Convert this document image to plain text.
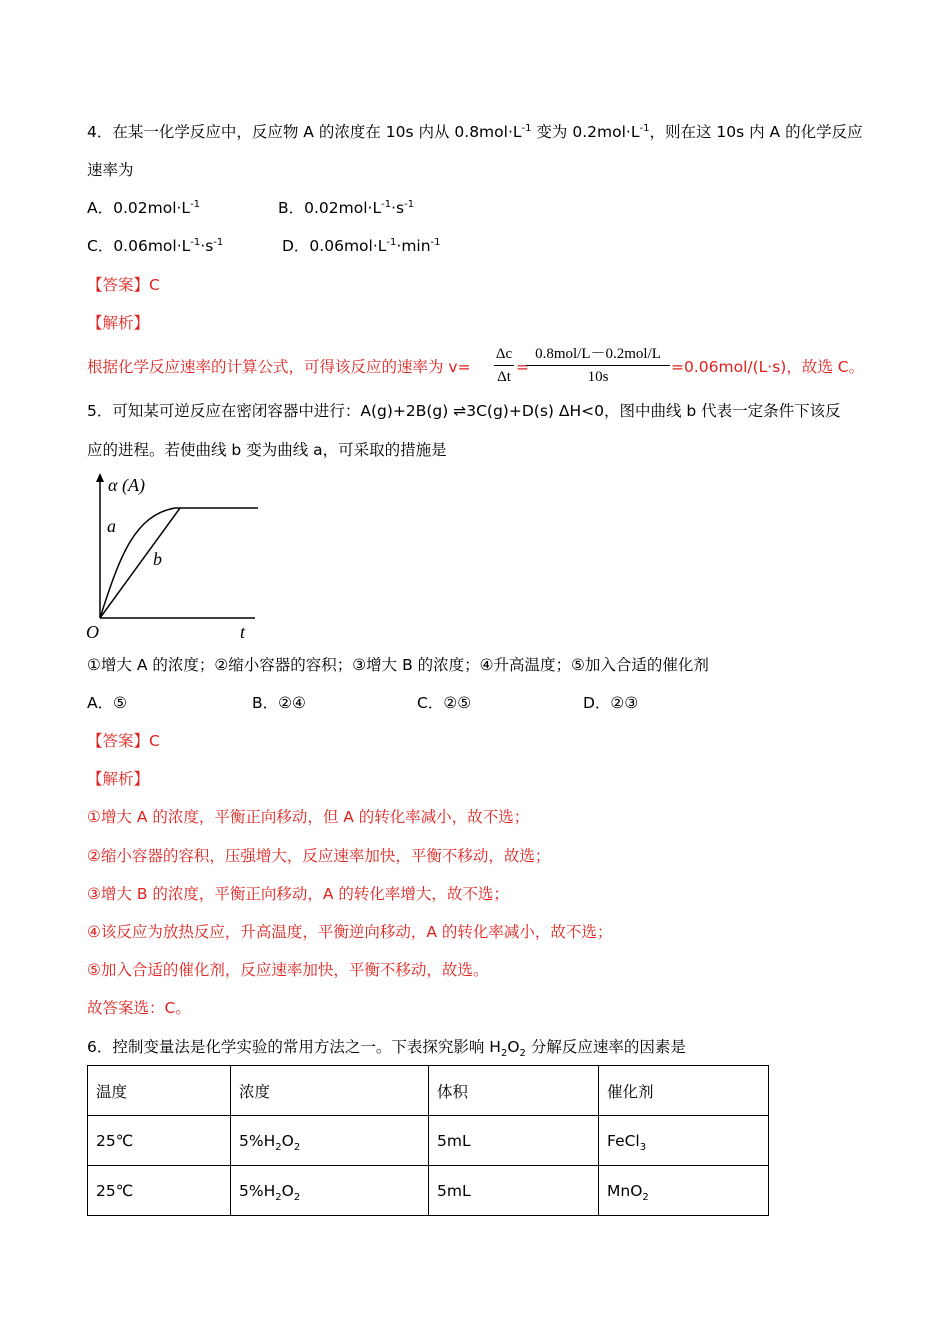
4．在某一化学反应中，反应物 A 的浓度在 10s 内从 $0.8mol\cdot L^{-1}$ 变为 $0.2mol\cdot L^{-1}$，则在这 10s 内 A 的化学反应
速率为
A．$0.02mol\cdot L^{-1}$	B．$0.02mol\cdot L^{-1}\cdot s^{-1}$
C．$0.06mol\cdot L^{-1}\cdot s^{-1}$	D．$0.06mol\cdot L^{-1}\cdot\min^{-1}$
【答案】C
【解析】
根据化学反应速率的计算公式，可得该反应的速率为 v=
Δc
Δt
=
0.8mol/L－0.2mol/L
10s
=0.06mol/(L·s)，故选 C。
5．可知某可逆反应在密闭容器中进行：A(g)+2B(g) ⇌3C(g)+D(s) ΔH<0，图中曲线 b 代表一定条件下该反
应的进程。若使曲线 b 变为曲线 a，可采取的措施是
α (A)
a
b
O	t
①增大 A 的浓度；②缩小容器的容积；③增大 B 的浓度；④升高温度；⑤加入合适的催化剂
A．⑤	B．②④	C．②⑤	D．②③
【答案】C
【解析】
①增大 A 的浓度，平衡正向移动，但 A 的转化率减小，故不选；
②缩小容器的容积，压强增大，反应速率加快，平衡不移动，故选；
③增大 B 的浓度，平衡正向移动，A 的转化率增大，故不选；
④该反应为放热反应，升高温度，平衡逆向移动，A 的转化率减小，故不选；
⑤加入合适的催化剂，反应速率加快，平衡不移动，故选。
故答案选：C。
6．控制变量法是化学实验的常用方法之一。下表探究影响 $H_2O_2$ 分解反应速率的因素是
温度	浓度	体积	催化剂
25℃	$5\%H_2O_2$	5mL	FeCl$_3$
25℃	$5\%H_2O_2$	5mL	MnO$_2$
